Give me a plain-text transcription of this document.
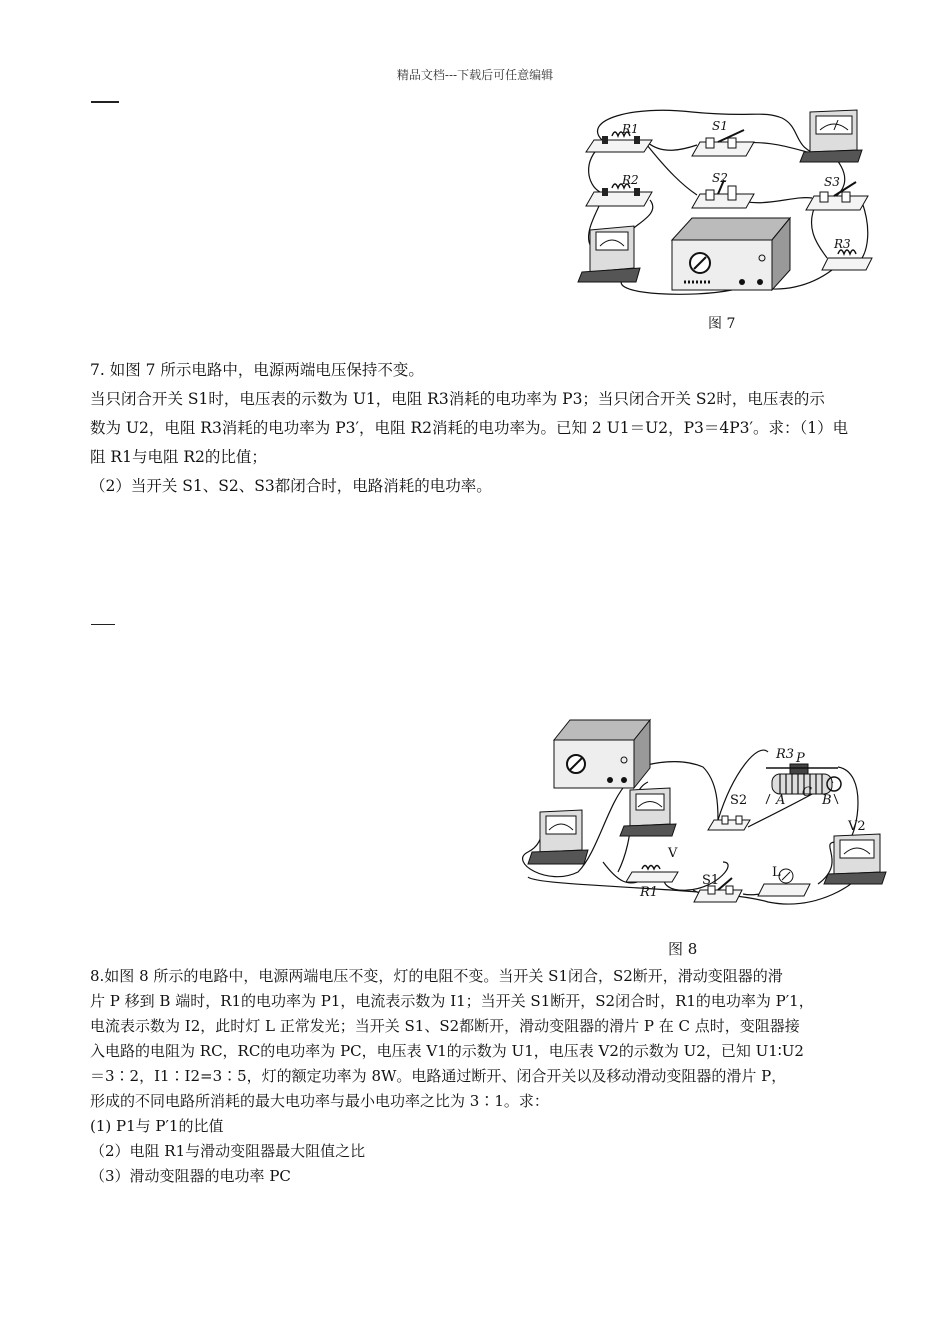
精品文档---下载后可任意编辑
R1	S1
R2	S2	S3
R3
图 7
7. 如图 7 所示电路中，电源两端电压保持不变。
当只闭合开关 S1时，电压表的示数为 U1，电阻 R3消耗的电功率为 P3；当只闭合开关 S2时，电压表的示
数为 U2，电阻 R3消耗的电功率为 P3′，电阻 R2消耗的电功率为。已知 2 U1＝U2，P3＝4P3′。求：（1）电
阻 R1与电阻 R2的比值；
（2）当开关 S1、S2、S3都闭合时，电路消耗的电功率。
R3 P
A
C
B
S2
V
V2
L
S1
R1
图 8
8.如图 8 所示的电路中，电源两端电压不变，灯的电阻不变。当开关 S1闭合，S2断开，滑动变阻器的滑
片 P 移到 B 端时，R1的电功率为 P1，电流表示数为 I1；当开关 S1断开，S2闭合时，R1的电功率为 P′1，
电流表示数为 I2，此时灯 L 正常发光；当开关 S1、S2都断开，滑动变阻器的滑片 P 在 C 点时，变阻器接
入电路的电阻为 RC，RC的电功率为 PC，电压表 V1的示数为 U1，电压表 V2的示数为 U2，已知 U1∶U2
＝3∶2，I1∶I2=3∶5，灯的额定功率为 8W。电路通过断开、闭合开关以及移动滑动变阻器的滑片 P，
形成的不同电路所消耗的最大电功率与最小电功率之比为 3∶1。求：
(1) P1与 P′1的比值
（2）电阻 R1与滑动变阻器最大阻值之比
（3）滑动变阻器的电功率 PC
